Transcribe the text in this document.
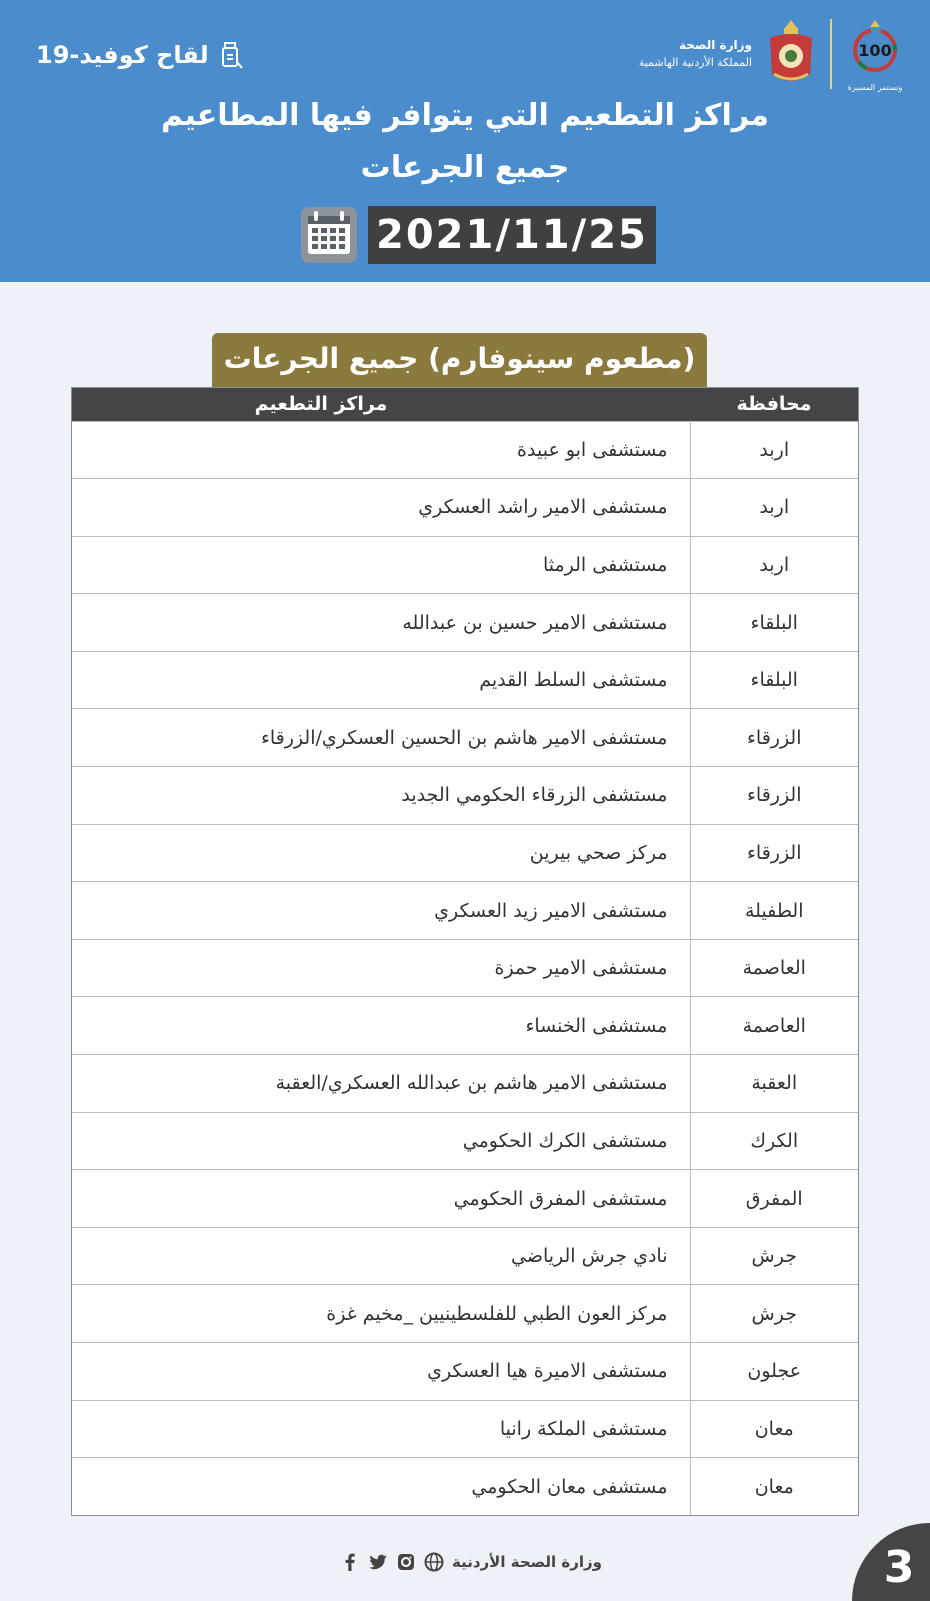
لقاح كوفيد-19	وزارة الصحة
المملكة الأردنية الهاشمية
100
وتستمر المسيرة
مراكز التطعيم التي يتوافر فيها المطاعيم
جميع الجرعات
2021/11/25
(مطعوم سينوفارم) جميع الجرعات
محافظة	مراكز التطعيم
اربد	مستشفى ابو عبيدة
اربد	مستشفى الامير راشد العسكري
اربد	مستشفى الرمثا
البلقاء	مستشفى الامير حسين بن عبدالله
البلقاء	مستشفى السلط القديم
الزرقاء	مستشفى الامير هاشم بن الحسين العسكري/الزرقاء
الزرقاء	مستشفى الزرقاء الحكومي الجديد
الزرقاء	مركز صحي بيرين
الطفيلة	مستشفى الامير زيد العسكري
العاصمة	مستشفى الامير حمزة
العاصمة	مستشفى الخنساء
العقبة	مستشفى الامير هاشم بن عبدالله العسكري/العقبة
الكرك	مستشفى الكرك الحكومي
المفرق	مستشفى المفرق الحكومي
جرش	نادي جرش الرياضي
جرش	مركز العون الطبي للفلسطينيين _مخيم غزة
عجلون	مستشفى الاميرة هيا العسكري
معان	مستشفى الملكة رانيا
معان	مستشفى معان الحكومي
وزارة الصحة الأردنية	3
